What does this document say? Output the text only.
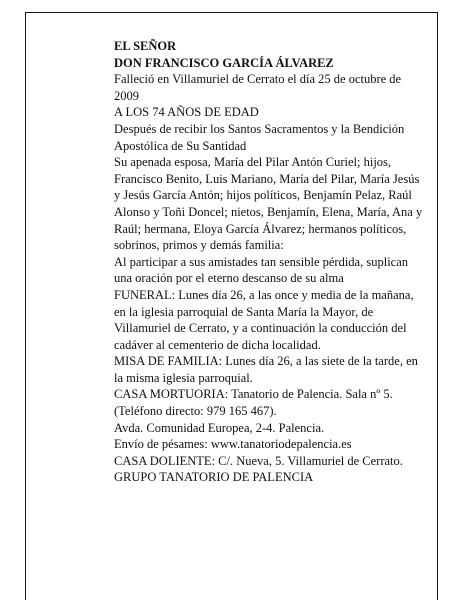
EL SEÑOR

DON FRANCISCO GARCÍA ÁLVAREZ

Falleció en Villamuriel de Cerrato el día 25 de octubre de 2009

A LOS 74 AÑOS DE EDAD

Después de recibir los Santos Sacramentos y la Bendición Apostólica de Su Santidad

Su apenada esposa, María del Pilar Antón Curiel; hijos, Francisco Benito, Luis Mariano, María del Pilar, María Jesús y Jesús García Antón; hijos políticos, Benjamín Pelaz, Raúl Alonso y Toñi Doncel; nietos, Benjamín, Elena, María, Ana y Raúl; hermana, Eloya García Álvarez; hermanos políticos, sobrinos, primos y demás familia:

Al participar a sus amistades tan sensible pérdida, suplican una oración por el eterno descanso de su alma

FUNERAL: Lunes día 26, a las once y media de la mañana, en la iglesia parroquial de Santa María la Mayor, de Villamuriel de Cerrato, y a continuación la conducción del cadáver al cementerio de dicha localidad.

MISA DE FAMILIA: Lunes día 26, a las siete de la tarde, en la misma iglesia parroquial.

CASA MORTUORIA: Tanatorio de Palencia. Sala nº 5. (Teléfono directo: 979 165 467).

Avda. Comunidad Europea, 2-4. Palencia.

Envío de pésames: www.tanatoriodepalencia.es

CASA DOLIENTE: C/. Nueva, 5. Villamuriel de Cerrato.

GRUPO TANATORIO DE PALENCIA
